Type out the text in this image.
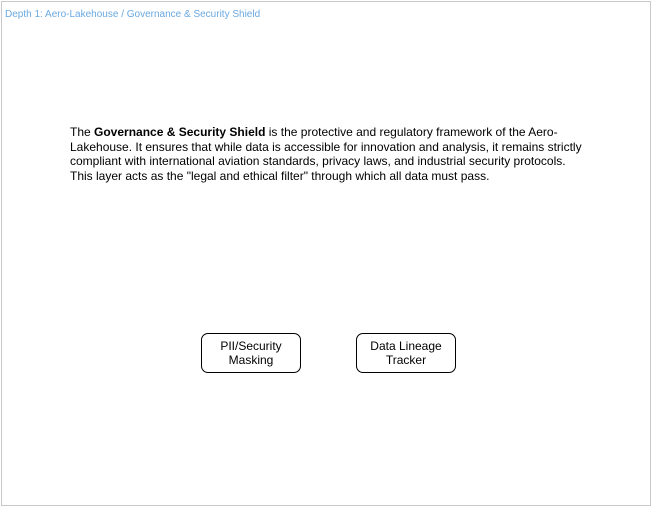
Depth 1: Aero-Lakehouse / Governance & Security Shield
The Governance & Security Shield is the protective and regulatory framework of the Aero-Lakehouse. It ensures that while data is accessible for innovation and analysis, it remains strictly compliant with international aviation standards, privacy laws, and industrial security protocols. This layer acts as the "legal and ethical filter" through which all data must pass.
PII/Security Masking
Data Lineage Tracker
